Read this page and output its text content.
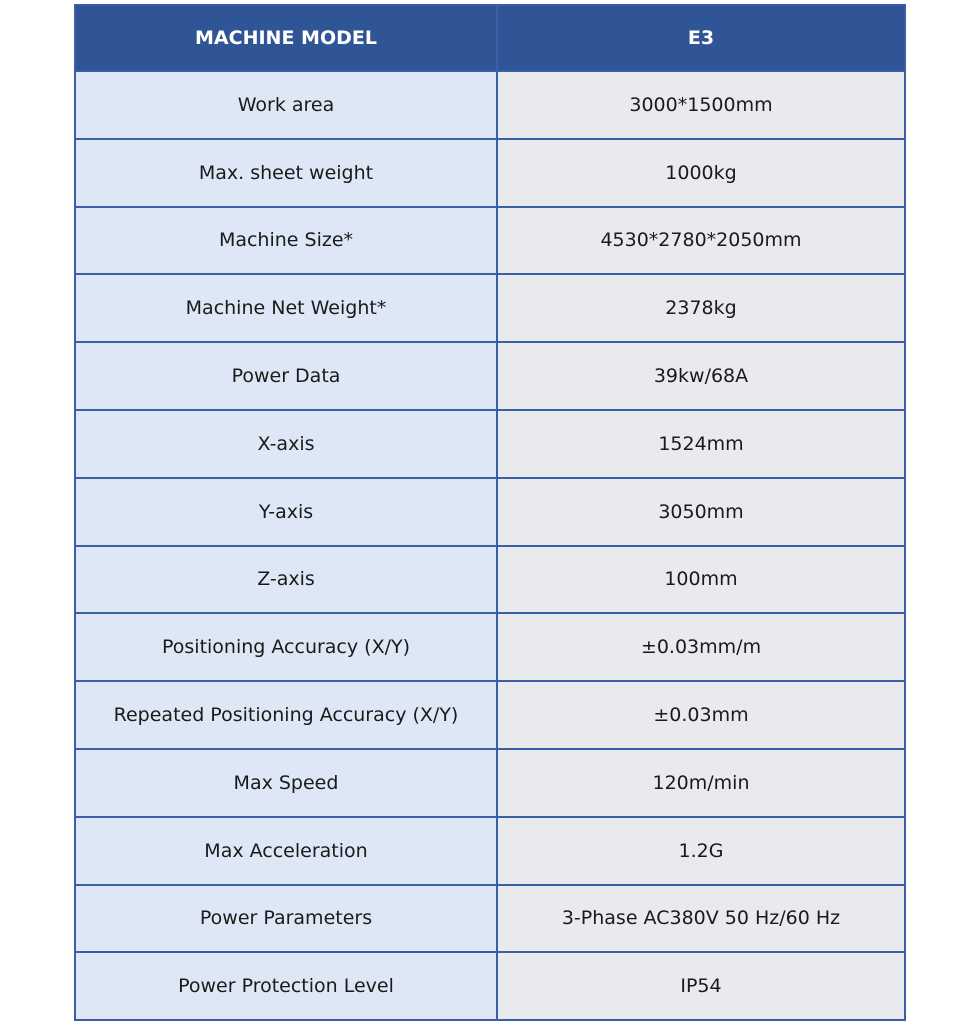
MACHINE MODEL	E3
Work area	3000*1500mm
Max. sheet weight	1000kg
Machine Size*	4530*2780*2050mm
Machine Net Weight*	2378kg
Power Data	39kw/68A
X-axis	1524mm
Y-axis	3050mm
Z-axis	100mm
Positioning Accuracy (X/Y)	±0.03mm/m
Repeated Positioning Accuracy (X/Y)	±0.03mm
Max Speed	120m/min
Max Acceleration	1.2G
Power Parameters	3-Phase AC380V 50 Hz/60 Hz
Power Protection Level	IP54
